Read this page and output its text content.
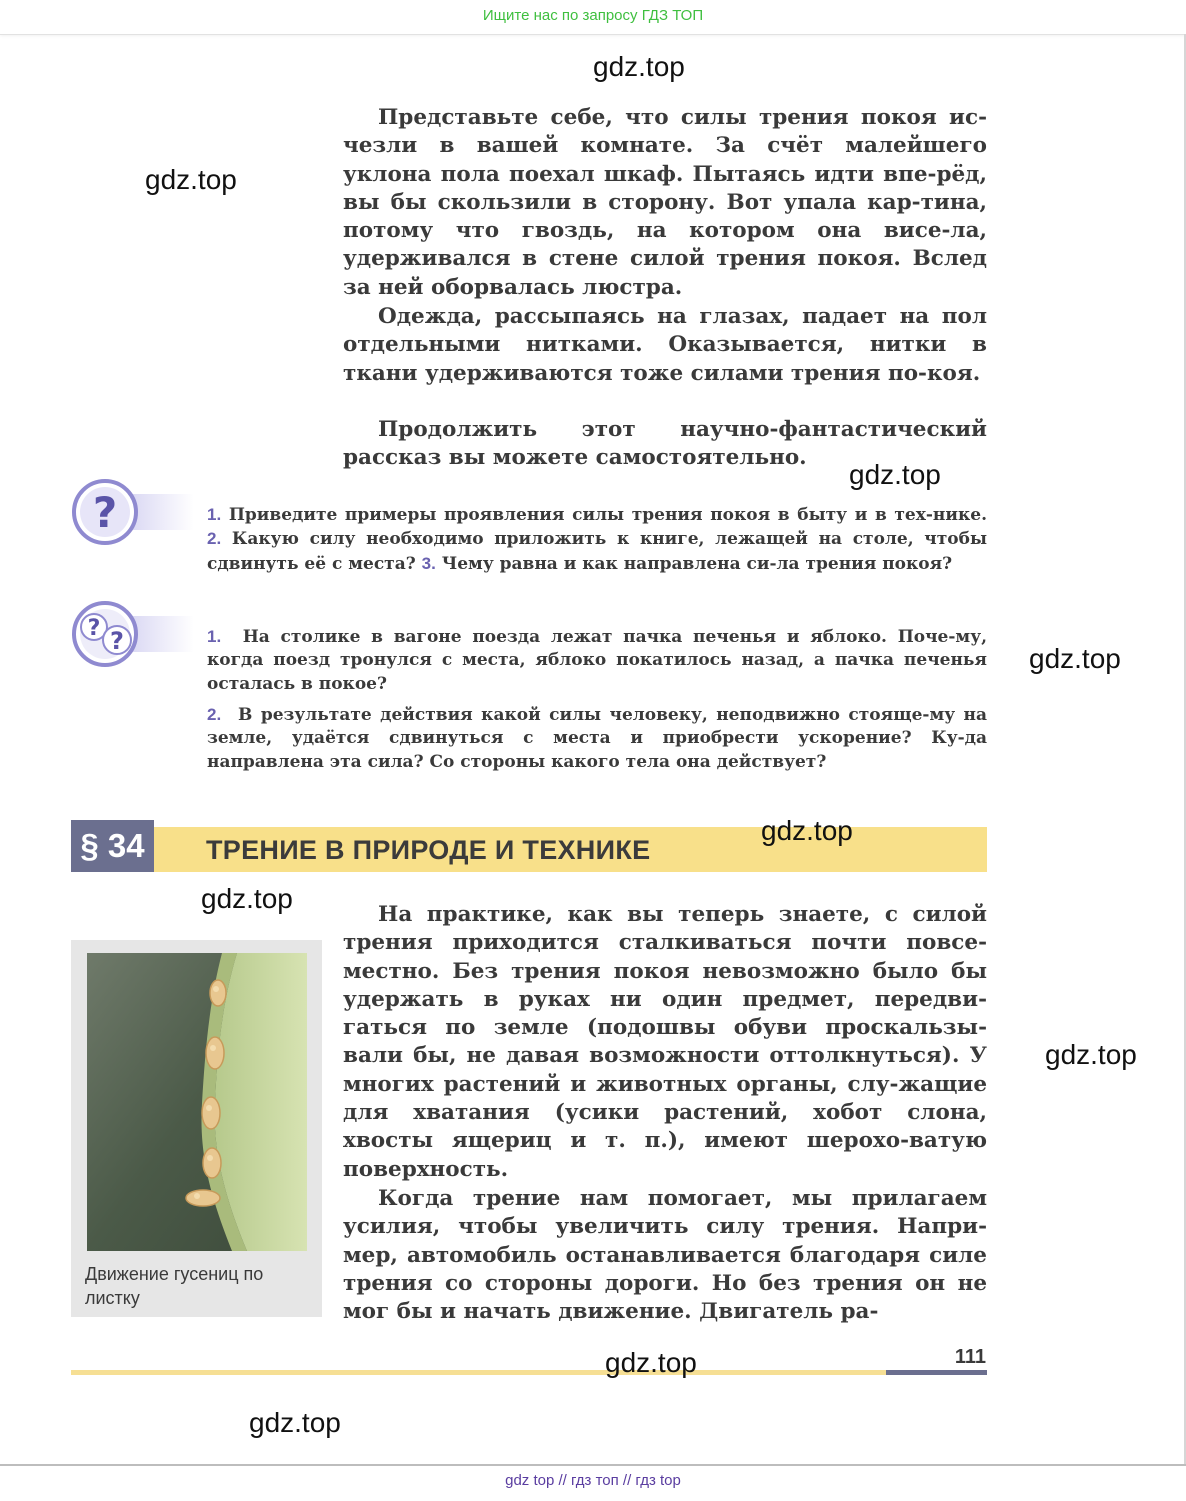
Ищите нас по запросу ГДЗ ТОП

Представьте себе, что силы трения покоя ис-чезли в вашей комнате. За счёт малейшего уклона пола поехал шкаф. Пытаясь идти впе-рёд, вы бы скользили в сторону. Вот упала кар-тина, потому что гвоздь, на котором она висе-ла, удерживался в стене силой трения покоя. Вслед за ней оборвалась люстра.

Одежда, рассыпаясь на глазах, падает на пол отдельными нитками. Оказывается, нитки в ткани удерживаются тоже силами трения по-коя.

Продолжить этот научно-фантастический рассказ вы можете самостоятельно.

?	1. Приведите примеры проявления силы трения покоя в быту и в тех-нике. 2. Какую силу необходимо приложить к книге, лежащей на столе, чтобы сдвинуть её с места? 3. Чему равна и как направлена си-ла трения покоя?

? ?	1. На столике в вагоне поезда лежат пачка печенья и яблоко. Поче-му, когда поезд тронулся с места, яблоко покатилось назад, а пачка печенья осталась в покое?

2. В результате действия какой силы человеку, неподвижно стояще-му на земле, удаётся сдвинуться с места и приобрести ускорение? Ку-да направлена эта сила? Со стороны какого тела она действует?

§ 34	ТРЕНИЕ В ПРИРОДЕ И ТЕХНИКЕ

Движение гусениц по листку

На практике, как вы теперь знаете, с силой трения приходится сталкиваться почти повсе-местно. Без трения покоя невозможно было бы удержать в руках ни один предмет, передви-гаться по земле (подошвы обуви проскальзы-вали бы, не давая возможности оттолкнуться). У многих растений и животных органы, слу-жащие для хватания (усики растений, хобот слона, хвосты ящериц и т. п.), имеют шерохо-ватую поверхность.

Когда трение нам помогает, мы прилагаем усилия, чтобы увеличить силу трения. Напри-мер, автомобиль останавливается благодаря силе трения со стороны дороги. Но без трения он не мог бы и начать движение. Двигатель ра-

111
gdz.top
gdz.top
gdz.top
gdz.top
gdz.top
gdz.top
gdz.top
gdz.top
gdz.top
gdz top // гдз топ // гдз top
